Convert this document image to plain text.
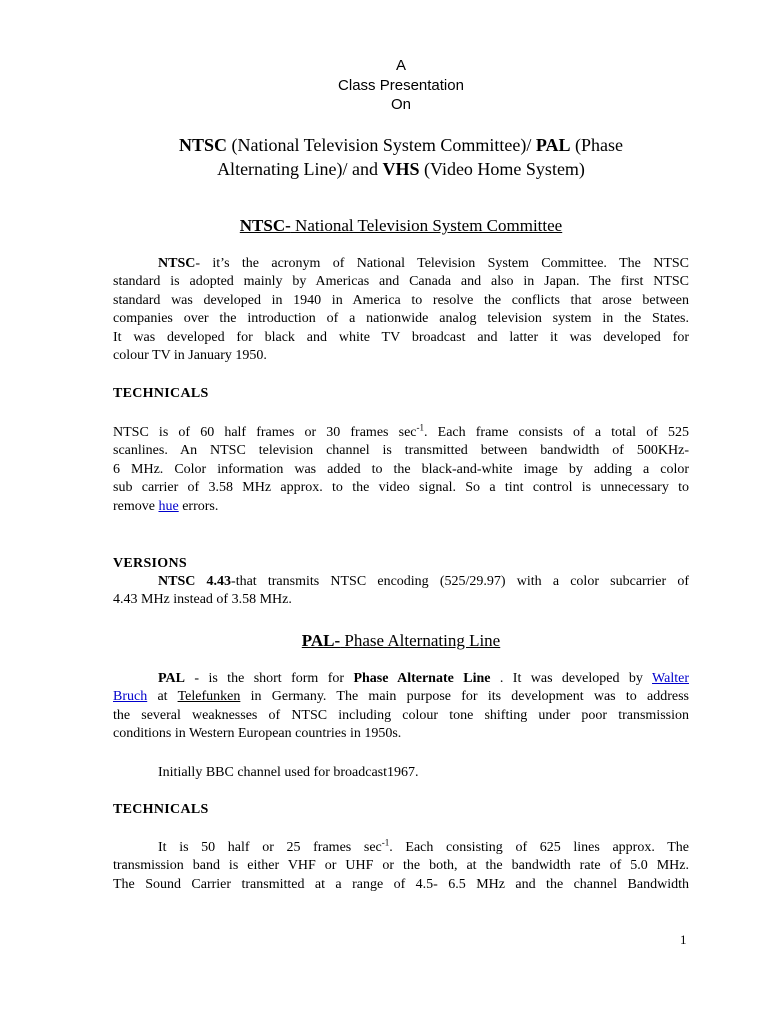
A
Class Presentation
On
NTSC (National Television System Committee)/ PAL (Phase
Alternating Line)/ and VHS (Video Home System)
NTSC- National Television System Committee
NTSC- it’s the acronym of National Television System Committee. The NTSC
standard is adopted mainly by Americas and Canada and also in Japan. The first NTSC
standard was developed in 1940 in America to resolve the conflicts that arose between
companies over the introduction of a nationwide analog television system in the States.
It was developed for black and white TV broadcast and latter it was developed for
colour TV in January 1950.
TECHNICALS
NTSC is of 60 half frames or 30 frames $\sec^{-1}$. Each frame consists of a total of 525
scanlines. An NTSC television channel is transmitted between bandwidth of 500KHz-
6 MHz. Color information was added to the black-and-white image by adding a color
sub carrier of 3.58 MHz approx. to the video signal. So a tint control is unnecessary to
remove hue errors.
VERSIONS
NTSC 4.43-that transmits NTSC encoding (525/29.97) with a color subcarrier of
4.43 MHz instead of 3.58 MHz.
PAL- Phase Alternating Line
PAL - is the short form for Phase Alternate Line . It was developed by Walter
Bruch at Telefunken in Germany. The main purpose for its development was to address
the several weaknesses of NTSC including colour tone shifting under poor transmission
conditions in Western European countries in 1950s.
Initially BBC channel used for broadcast1967.
TECHNICALS
It is 50 half or 25 frames $\sec^{-1}$. Each consisting of 625 lines approx. The
transmission band is either VHF or UHF or the both, at the bandwidth rate of 5.0 MHz.
The Sound Carrier transmitted at a range of 4.5- 6.5 MHz and the channel Bandwidth
1
